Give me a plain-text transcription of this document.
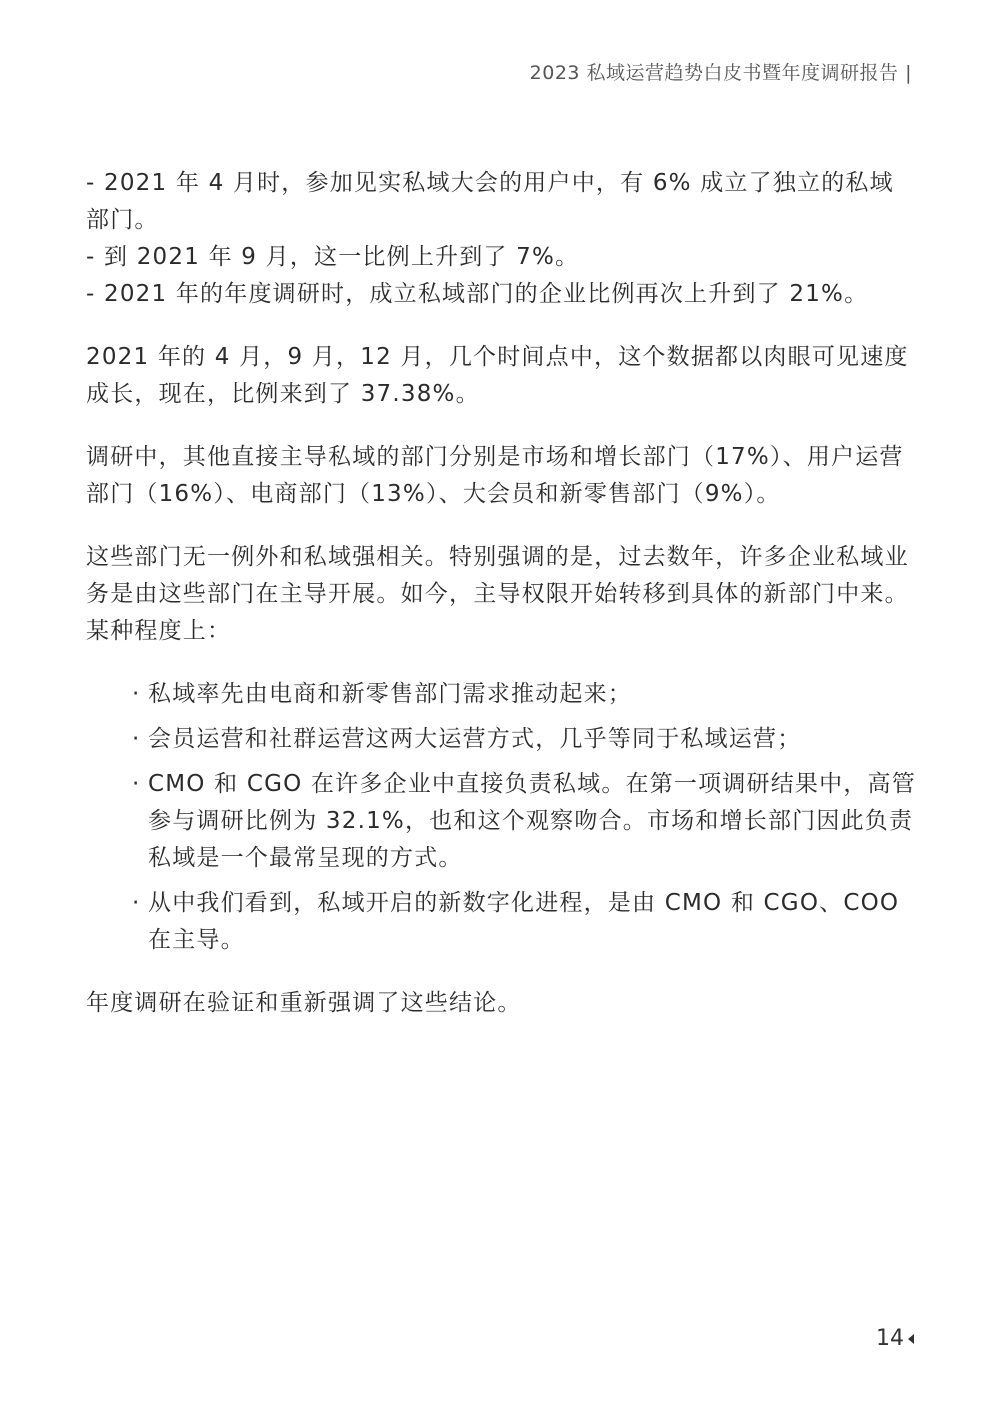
2023 私域运营趋势白皮书暨年度调研报告 |

- 2021 年 4 月时，参加见实私域大会的用户中，有 6% 成立了独立的私域部门。

- 到 2021 年 9 月，这一比例上升到了 7%。

- 2021 年的年度调研时，成立私域部门的企业比例再次上升到了 21%。

2021 年的 4 月，9 月，12 月，几个时间点中，这个数据都以肉眼可见速度成长，现在，比例来到了 37.38%。

调研中，其他直接主导私域的部门分别是市场和增长部门（17%）、用户运营部门（16%）、电商部门（13%）、大会员和新零售部门（9%）。

这些部门无一例外和私域强相关。特别强调的是，过去数年，许多企业私域业务是由这些部门在主导开展。如今，主导权限开始转移到具体的新部门中来。某种程度上：

· 私域率先由电商和新零售部门需求推动起来；
· 会员运营和社群运营这两大运营方式，几乎等同于私域运营；
· CMO 和 CGO 在许多企业中直接负责私域。在第一项调研结果中，高管参与调研比例为 32.1%，也和这个观察吻合。市场和增长部门因此负责私域是一个最常呈现的方式。
· 从中我们看到，私域开启的新数字化进程，是由 CMO 和 CGO、COO 在主导。

年度调研在验证和重新强调了这些结论。

14
